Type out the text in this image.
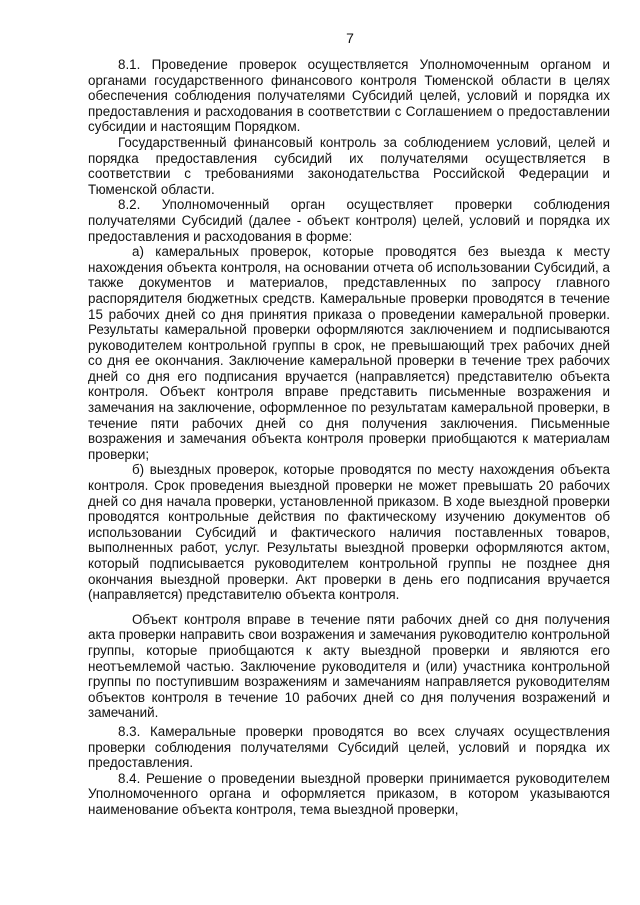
7

8.1. Проведение проверок осуществляется Уполномоченным органом и органами государственного финансового контроля Тюменской области в целях обеспечения соблюдения получателями Субсидий целей, условий и порядка их предоставления и расходования в соответствии с Соглашением о предоставлении субсидии и настоящим Порядком.

Государственный финансовый контроль за соблюдением условий, целей и порядка предоставления субсидий их получателями осуществляется в соответствии с требованиями законодательства Российской Федерации и Тюменской области.

8.2. Уполномоченный орган осуществляет проверки соблюдения получателями Субсидий (далее - объект контроля) целей, условий и порядка их предоставления и расходования в форме:

а) камеральных проверок, которые проводятся без выезда к месту нахождения объекта контроля, на основании отчета об использовании Субсидий, а также документов и материалов, представленных по запросу главного распорядителя бюджетных средств. Камеральные проверки проводятся в течение 15 рабочих дней со дня принятия приказа о проведении камеральной проверки. Результаты камеральной проверки оформляются заключением и подписываются руководителем контрольной группы в срок, не превышающий трех рабочих дней со дня ее окончания. Заключение камеральной проверки в течение трех рабочих дней со дня его подписания вручается (направляется) представителю объекта контроля. Объект контроля вправе представить письменные возражения и замечания на заключение, оформленное по результатам камеральной проверки, в течение пяти рабочих дней со дня получения заключения. Письменные возражения и замечания объекта контроля проверки приобщаются к материалам проверки;

б) выездных проверок, которые проводятся по месту нахождения объекта контроля. Срок проведения выездной проверки не может превышать 20 рабочих дней со дня начала проверки, установленной приказом. В ходе выездной проверки проводятся контрольные действия по фактическому изучению документов об использовании Субсидий и фактического наличия поставленных товаров, выполненных работ, услуг. Результаты выездной проверки оформляются актом, который подписывается руководителем контрольной группы не позднее дня окончания выездной проверки. Акт проверки в день его подписания вручается (направляется) представителю объекта контроля.

Объект контроля вправе в течение пяти рабочих дней со дня получения акта проверки направить свои возражения и замечания руководителю контрольной группы, которые приобщаются к акту выездной проверки и являются его неотъемлемой частью. Заключение руководителя и (или) участника контрольной группы по поступившим возражениям и замечаниям направляется руководителям объектов контроля в течение 10 рабочих дней со дня получения возражений и замечаний.

8.3. Камеральные проверки проводятся во всех случаях осуществления проверки соблюдения получателями Субсидий целей, условий и порядка их предоставления.

8.4. Решение о проведении выездной проверки принимается руководителем Уполномоченного органа и оформляется приказом, в котором указываются наименование объекта контроля, тема выездной проверки,
